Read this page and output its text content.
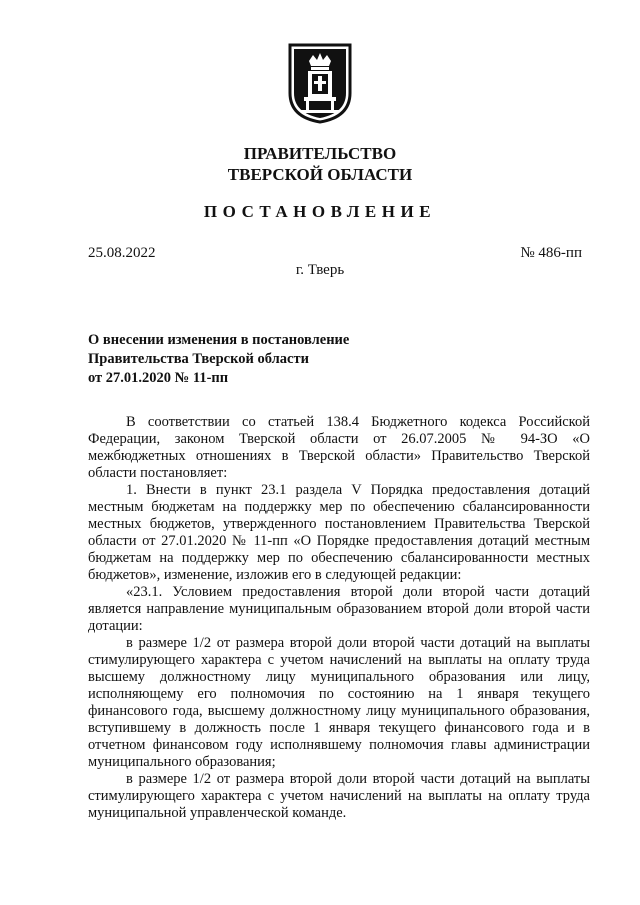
ПРАВИТЕЛЬСТВО
ТВЕРСКОЙ ОБЛАСТИ
ПОСТАНОВЛЕНИЕ
25.08.2022	№ 486-пп
г. Тверь
О внесении изменения в постановление
Правительства Тверской области
от 27.01.2020 № 11-пп

В соответствии со статьей 138.4 Бюджетного кодекса Российской Федерации, законом Тверской области от 26.07.2005 № 94-ЗО «О межбюджетных отношениях в Тверской области» Правительство Тверской области постановляет:

1. Внести в пункт 23.1 раздела V Порядка предоставления дотаций местным бюджетам на поддержку мер по обеспечению сбалансированности местных бюджетов, утвержденного постановлением Правительства Тверской области от 27.01.2020 № 11-пп «О Порядке предоставления дотаций местным бюджетам на поддержку мер по обеспечению сбалансированности местных бюджетов», изменение, изложив его в следующей редакции:

«23.1. Условием предоставления второй доли второй части дотаций является направление муниципальным образованием второй доли второй части дотации:

в размере 1/2 от размера второй доли второй части дотаций на выплаты стимулирующего характера с учетом начислений на выплаты на оплату труда высшему должностному лицу муниципального образования или лицу, исполняющему его полномочия по состоянию на 1 января текущего финансового года, высшему должностному лицу муниципального образования, вступившему в должность после 1 января текущего финансового года и в отчетном финансовом году исполнявшему полномочия главы администрации муниципального образования;

в размере 1/2 от размера второй доли второй части дотаций на выплаты стимулирующего характера с учетом начислений на выплаты на оплату труда муниципальной управленческой команде.
